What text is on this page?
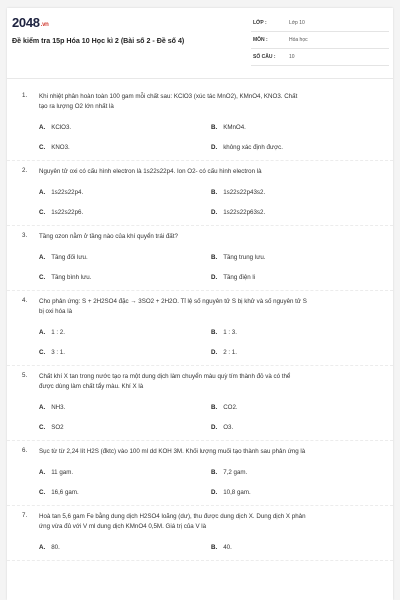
2048.vn
Đề kiểm tra 15p Hóa 10 Học kì 2 (Bài số 2 - Đề số 4)
LỚP :	Lớp 10
MÔN :	Hóa học
SỐ CÂU :	10
1. Khi nhiệt phân hoàn toàn 100 gam mỗi chất sau: KClO3 (xúc tác MnO2), KMnO4, KNO3. Chất
tạo ra lượng O2 lớn nhất là
A. KClO3.	B. KMnO4.
C. KNO3.	D. không xác định được.
2. Nguyên tử oxi có cấu hình electron là 1s22s22p4. Ion O2- có cấu hình electron là
A. 1s22s22p4.	B. 1s22s22p43s2.
C. 1s22s22p6.	D. 1s22s22p63s2.
3. Tầng ozon nằm ở tầng nào của khí quyển trái đất?
A. Tầng đối lưu.	B. Tầng trung lưu.
C. Tầng bình lưu.	D. Tầng điện li
4. Cho phản ứng: S + 2H2SO4 đặc → 3SO2 + 2H2O. Tỉ lệ số nguyên tử S bị khử và số nguyên tử S
bị oxi hóa là
A. 1 : 2.	B. 1 : 3.
C. 3 : 1.	D. 2 : 1.
5. Chất khí X tan trong nước tạo ra một dung dịch làm chuyển màu quỳ tím thành đỏ và có thể
được dùng làm chất tẩy màu. Khí X là
A. NH3.	B. CO2.
C. SO2	D. O3.
6. Sục từ từ 2,24 lít H2S (đktc) vào 100 ml dd KOH 3M. Khối lượng muối tạo thành sau phản ứng là
A. 11 gam.	B. 7,2 gam.
C. 16,6 gam.	D. 10,8 gam.
7. Hoà tan 5,6 gam Fe bằng dung dịch H2SO4 loãng (dư), thu được dung dịch X. Dung dịch X phản
ứng vừa đủ với V ml dung dịch KMnO4 0,5M. Giá trị của V là
A. 80.	B. 40.
